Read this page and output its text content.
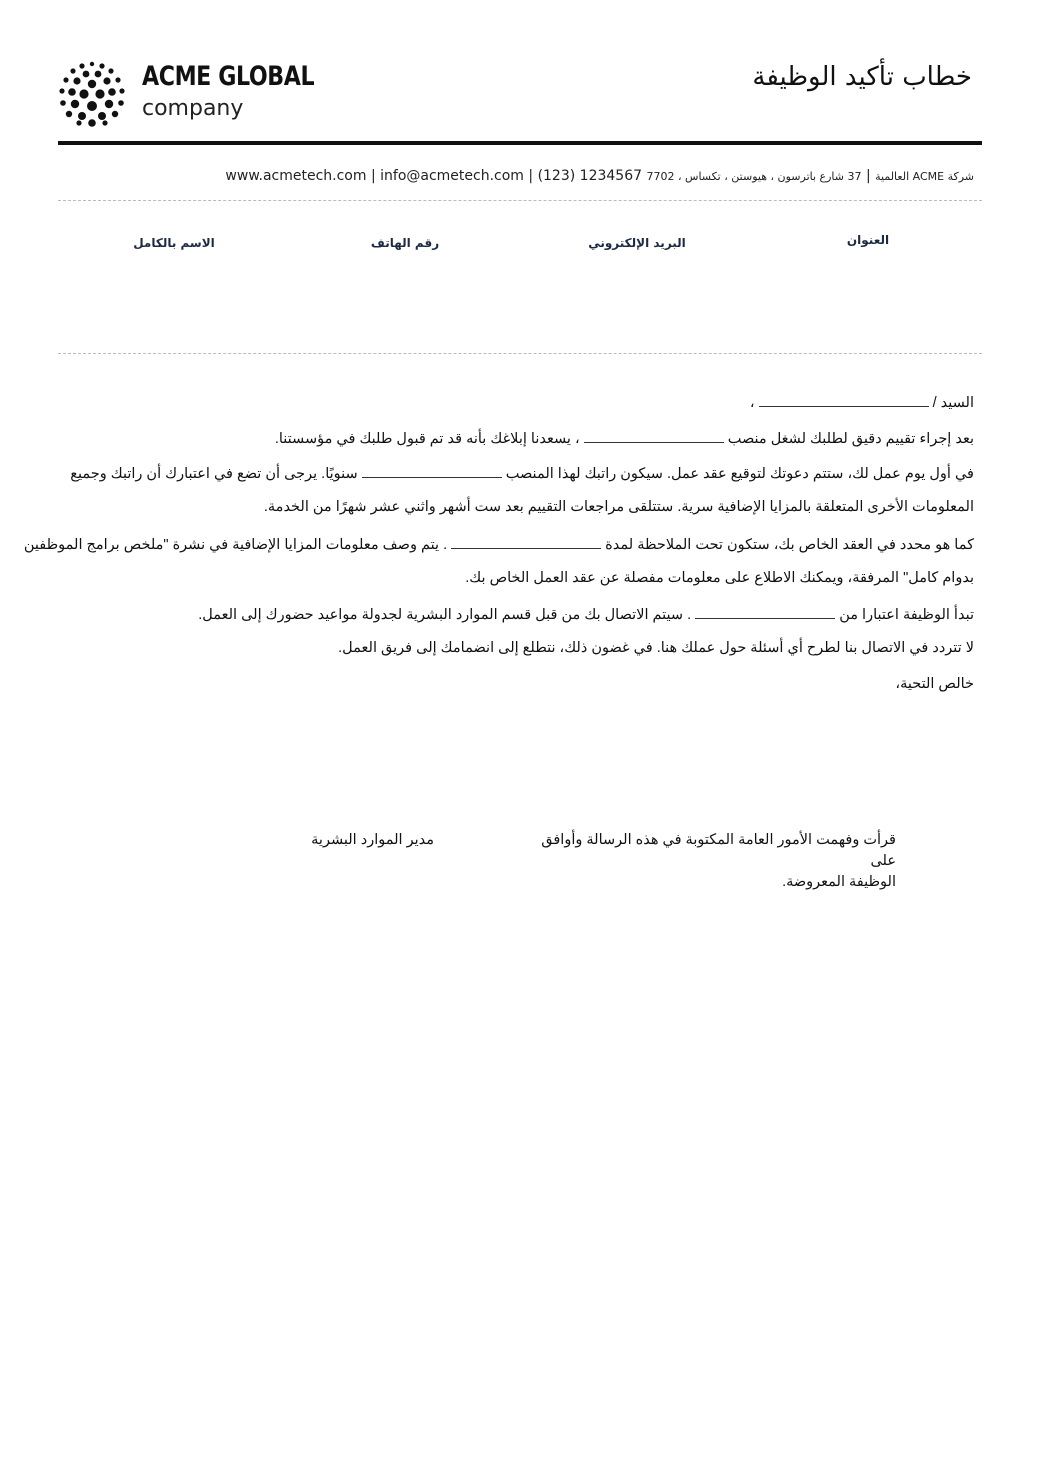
ACME GLOBAL
company
خطاب تأكيد الوظيفة
شركة ACME العالمية | 37 شارع باترسون ، هيوستن ، تكساس ، 7702 (123) 1234567 | www.acmetech.com | info@acmetech.com
العنوان
البريد الإلكتروني
رقم الهاتف
الاسم بالكامل
السيد /  ،
بعد إجراء تقييم دقيق لطلبك لشغل منصب  ، يسعدنا إبلاغك بأنه قد تم قبول طلبك في مؤسستنا.
في أول يوم عمل لك، ستتم دعوتك لتوقيع عقد عمل. سيكون راتبك لهذا المنصب  سنويًا. يرجى أن تضع في اعتبارك أن راتبك وجميع
المعلومات الأخرى المتعلقة بالمزايا الإضافية سرية. ستتلقى مراجعات التقييم بعد ست أشهر واثني عشر شهرًا من الخدمة.
كما هو محدد في العقد الخاص بك، ستكون تحت الملاحظة لمدة  . يتم وصف معلومات المزايا الإضافية في نشرة "ملخص برامج الموظفين
بدوام كامل" المرفقة، ويمكنك الاطلاع على معلومات مفصلة عن عقد العمل الخاص بك.
تبدأ الوظيفة اعتبارا من  . سيتم الاتصال بك من قبل قسم الموارد البشرية لجدولة مواعيد حضورك إلى العمل.
لا تتردد في الاتصال بنا لطرح أي أسئلة حول عملك هنا. في غضون ذلك، نتطلع إلى انضمامك إلى فريق العمل.
خالص التحية،
قرأت وفهمت الأمور العامة المكتوبة في هذه الرسالة وأوافق على
الوظيفة المعروضة.
مدير الموارد البشرية
